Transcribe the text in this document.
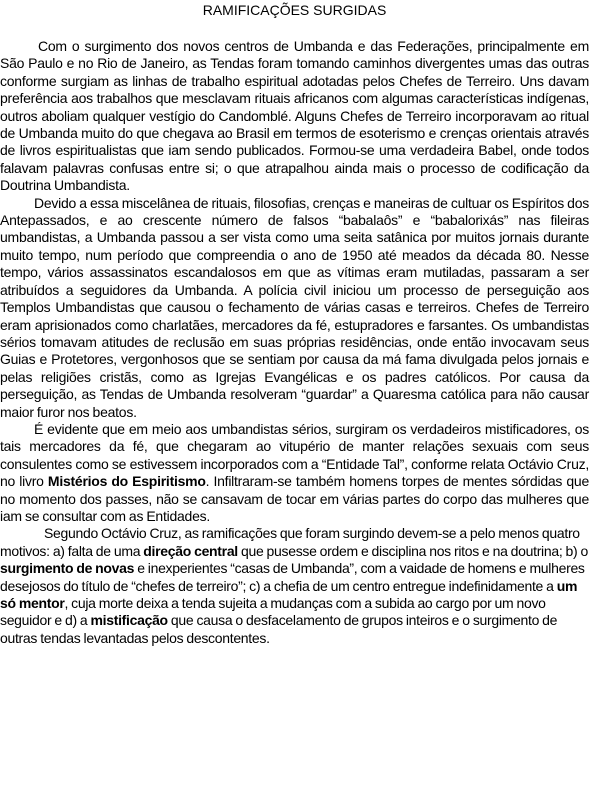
RAMIFICAÇÕES SURGIDAS

Com o surgimento dos novos centros de Umbanda e das Federações, principalmente em São Paulo e no Rio de Janeiro, as Tendas foram tomando caminhos divergentes umas das outras conforme surgiam as linhas de trabalho espiritual adotadas pelos Chefes de Terreiro. Uns davam preferência aos trabalhos que mesclavam rituais africanos com algumas características indígenas, outros aboliam qualquer vestígio do Candomblé. Alguns Chefes de Terreiro incorporavam ao ritual de Umbanda muito do que chegava ao Brasil em termos de esoterismo e crenças orientais através de livros espiritualistas que iam sendo publicados. Formou-se uma verdadeira Babel, onde todos falavam palavras confusas entre si; o que atrapalhou ainda mais o processo de codificação da Doutrina Umbandista.

Devido a essa miscelânea de rituais, filosofias, crenças e maneiras de cultuar os Espíritos dos Antepassados, e ao crescente número de falsos “babalaôs” e “babalorixás” nas fileiras umbandistas, a Umbanda passou a ser vista como uma seita satânica por muitos jornais durante muito tempo, num período que compreendia o ano de 1950 até meados da década 80. Nesse tempo, vários assassinatos escandalosos em que as vítimas eram mutiladas, passaram a ser atribuídos a seguidores da Umbanda. A polícia civil iniciou um processo de perseguição aos Templos Umbandistas que causou o fechamento de várias casas e terreiros. Chefes de Terreiro eram aprisionados como charlatães, mercadores da fé, estupradores e farsantes. Os umbandistas sérios tomavam atitudes de reclusão em suas próprias residências, onde então invocavam seus Guias e Protetores, vergonhosos que se sentiam por causa da má fama divulgada pelos jornais e pelas religiões cristãs, como as Igrejas Evangélicas e os padres católicos. Por causa da perseguição, as Tendas de Umbanda resolveram “guardar” a Quaresma católica para não causar maior furor nos beatos.

É evidente que em meio aos umbandistas sérios, surgiram os verdadeiros mistificadores, os tais mercadores da fé, que chegaram ao vitupério de manter relações sexuais com seus consulentes como se estivessem incorporados com a “Entidade Tal”, conforme relata Octávio Cruz, no livro Mistérios do Espiritismo. Infiltraram-se também homens torpes de mentes sórdidas que no momento dos passes, não se cansavam de tocar em várias partes do corpo das mulheres que iam se consultar com as Entidades.

Segundo Octávio Cruz, as ramificações que foram surgindo devem-se a pelo menos quatro motivos: a) falta de uma direção central que pusesse ordem e disciplina nos ritos e na doutrina; b) o surgimento de novas e inexperientes “casas de Umbanda”, com a vaidade de homens e mulheres desejosos do título de “chefes de terreiro”; c) a chefia de um centro entregue indefinidamente a um só mentor, cuja morte deixa a tenda sujeita a mudanças com a subida ao cargo por um novo seguidor e d) a mistificação que causa o desfacelamento de grupos inteiros e o surgimento de outras tendas levantadas pelos descontentes.
